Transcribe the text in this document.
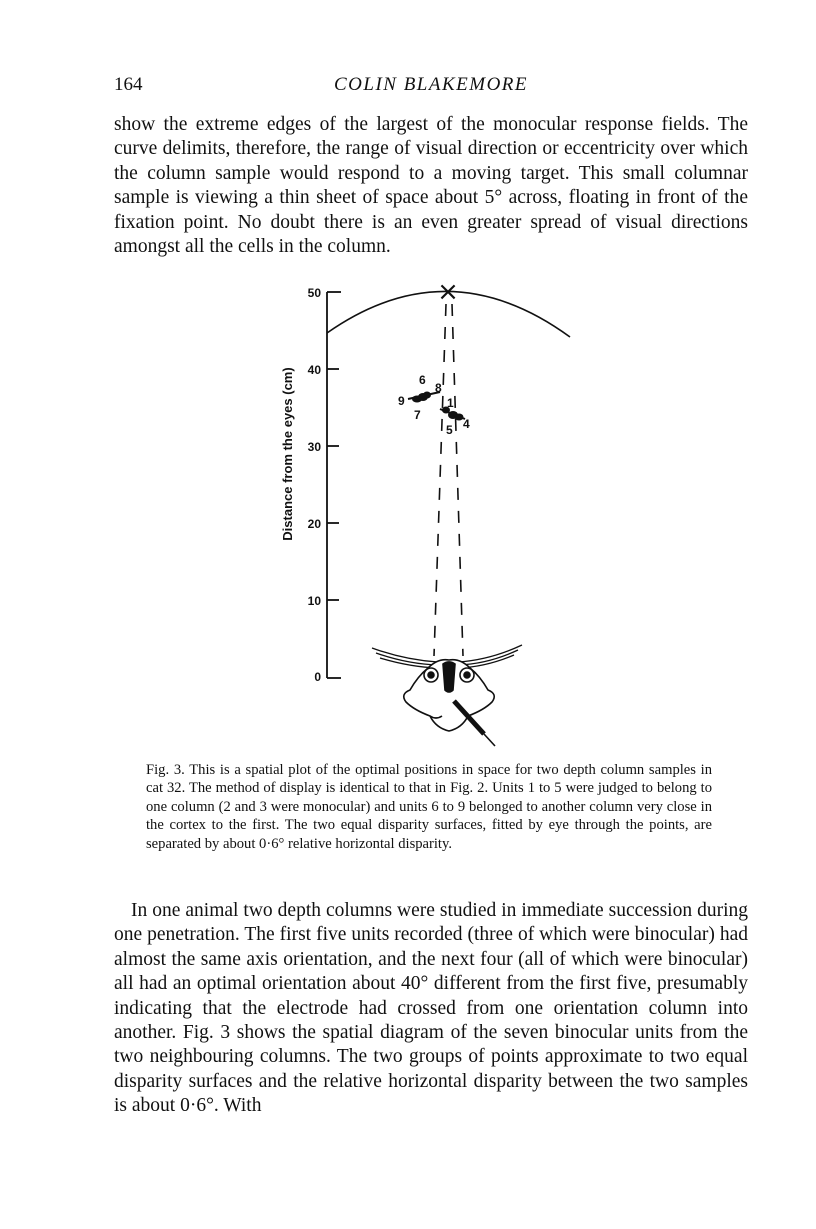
164	COLIN BLAKEMORE

show the extreme edges of the largest of the monocular response fields. The curve delimits, therefore, the range of visual direction or eccentricity over which the column sample would respond to a moving target. This small columnar sample is viewing a thin sheet of space about 5° across, floating in front of the fixation point. No doubt there is an even greater spread of visual directions amongst all the cells in the column.

Distance from the eyes (cm)
50
40
30
20
10
0
×
6
8
9
7
1
5 4

Fig. 3. This is a spatial plot of the optimal positions in space for two depth column samples in cat 32. The method of display is identical to that in Fig. 2. Units 1 to 5 were judged to belong to one column (2 and 3 were monocular) and units 6 to 9 belonged to another column very close in the cortex to the first. The two equal disparity surfaces, fitted by eye through the points, are separated by about 0·6° relative horizontal disparity.

In one animal two depth columns were studied in immediate succession during one penetration. The first five units recorded (three of which were binocular) had almost the same axis orientation, and the next four (all of which were binocular) all had an optimal orientation about 40° different from the first five, presumably indicating that the electrode had crossed from one orientation column into another. Fig. 3 shows the spatial diagram of the seven binocular units from the two neighbouring columns. The two groups of points approximate to two equal disparity surfaces and the relative horizontal disparity between the two samples is about 0·6°. With
